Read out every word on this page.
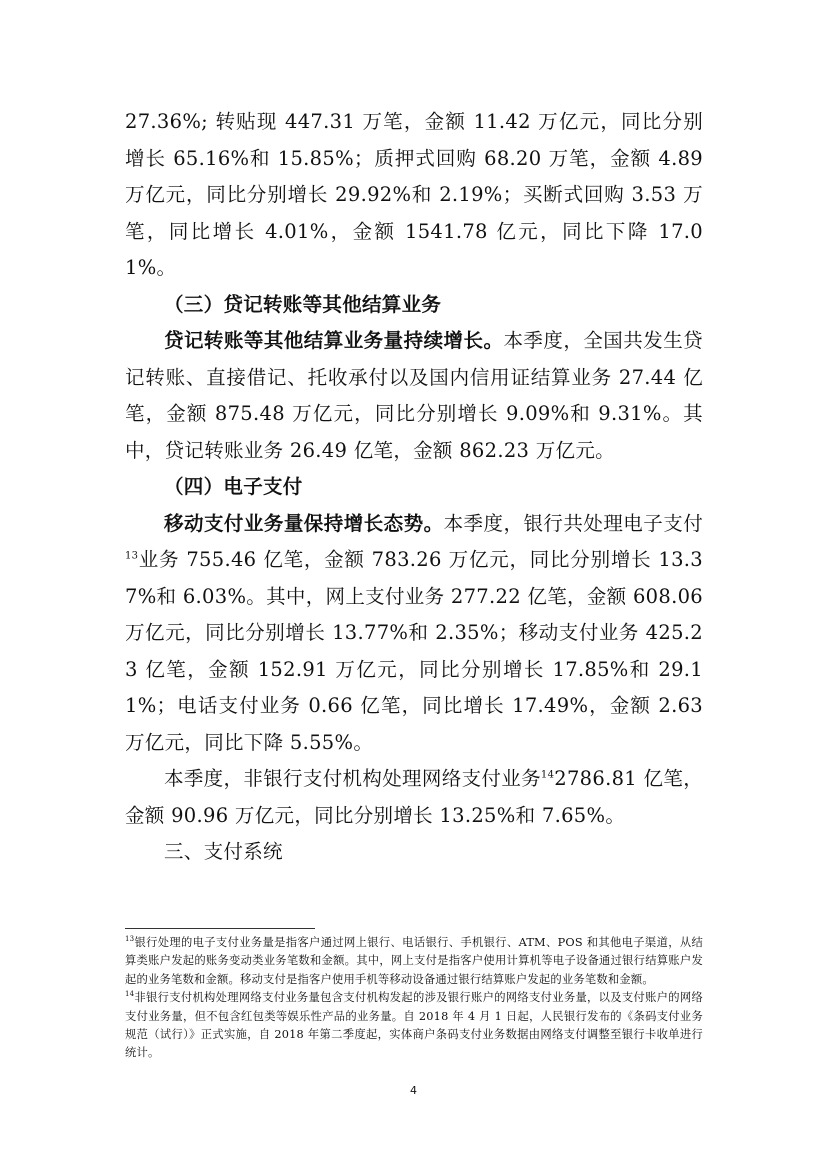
27.36%; 转贴现 447.31 万笔，金额 11.42 万亿元，同比分别增长 65.16%和 15.85%；质押式回购 68.20 万笔，金额 4.89 万亿元，同比分别增长 29.92%和 2.19%；买断式回购 3.53 万笔，同比增长 4.01%，金额 1541.78 亿元，同比下降 17.01%。

（三）贷记转账等其他结算业务

贷记转账等其他结算业务量持续增长。本季度，全国共发生贷记转账、直接借记、托收承付以及国内信用证结算业务 27.44 亿笔，金额 875.48 万亿元，同比分别增长 9.09%和 9.31%。其中，贷记转账业务 26.49 亿笔，金额 862.23 万亿元。

（四）电子支付

移动支付业务量保持增长态势。本季度，银行共处理电子支付$^{13}$业务 755.46 亿笔，金额 783.26 万亿元，同比分别增长 13.37%和 6.03%。其中，网上支付业务 277.22 亿笔，金额 608.06 万亿元，同比分别增长 13.77%和 2.35%；移动支付业务 425.23 亿笔，金额 152.91 万亿元，同比分别增长 17.85%和 29.11%；电话支付业务 0.66 亿笔，同比增长 17.49%，金额 2.63 万亿元，同比下降 5.55%。

本季度，非银行支付机构处理网络支付业务$^{14}$2786.81 亿笔，金额 90.96 万亿元，同比分别增长 13.25%和 7.65%。

三、支付系统

$^{13}$银行处理的电子支付业务量是指客户通过网上银行、电话银行、手机银行、ATM、POS 和其他电子渠道，从结算类账户发起的账务变动类业务笔数和金额。其中，网上支付是指客户使用计算机等电子设备通过银行结算账户发起的业务笔数和金额。移动支付是指客户使用手机等移动设备通过银行结算账户发起的业务笔数和金额。

$^{14}$非银行支付机构处理网络支付业务量包含支付机构发起的涉及银行账户的网络支付业务量，以及支付账户的网络支付业务量，但不包含红包类等娱乐性产品的业务量。自 2018 年 4 月 1 日起，人民银行发布的《条码支付业务规范（试行）》正式实施，自 2018 年第二季度起，实体商户条码支付业务数据由网络支付调整至银行卡收单进行统计。

4
